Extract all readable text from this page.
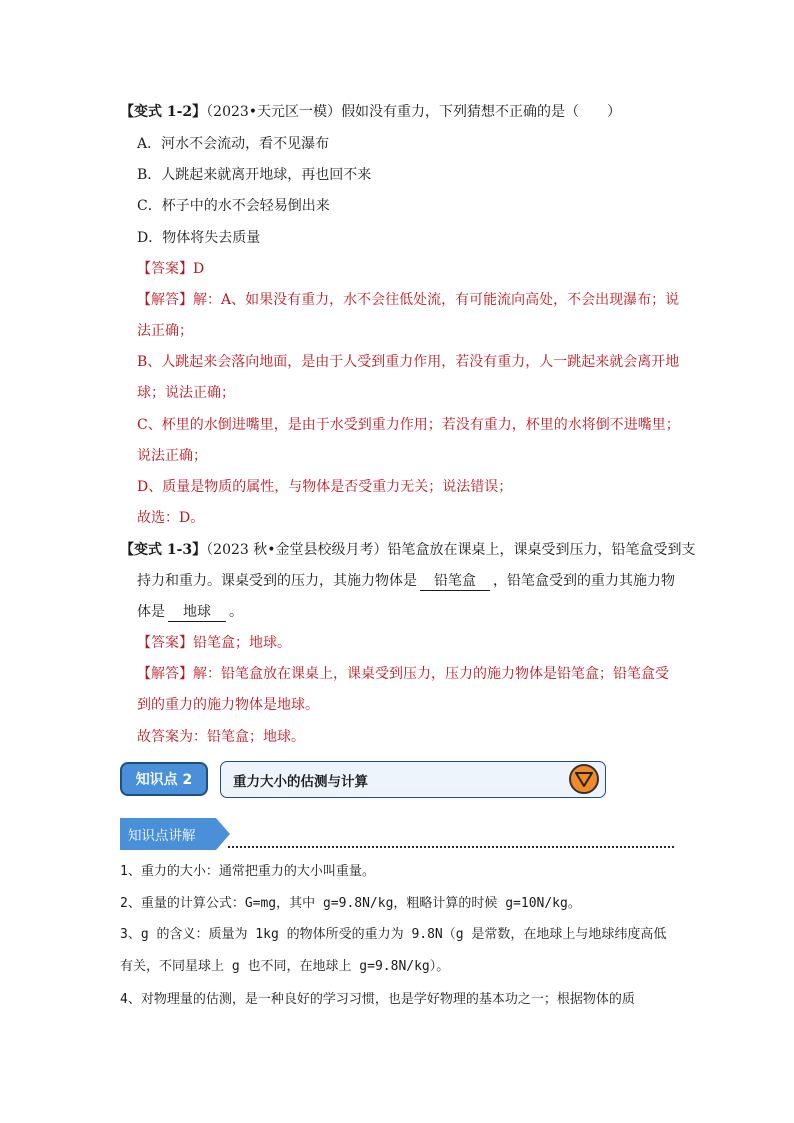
【变式 1-2】（2023•天元区一模）假如没有重力，下列猜想不正确的是（　　）
A．河水不会流动，看不见瀑布
B．人跳起来就离开地球，再也回不来
C．杯子中的水不会轻易倒出来
D．物体将失去质量
【答案】D
【解答】解：A、如果没有重力，水不会往低处流，有可能流向高处，不会出现瀑布；说
法正确；
B、人跳起来会落向地面，是由于人受到重力作用，若没有重力，人一跳起来就会离开地
球；说法正确；
C、杯里的水倒进嘴里，是由于水受到重力作用；若没有重力，杯里的水将倒不进嘴里；
说法正确；
D、质量是物质的属性，与物体是否受重力无关；说法错误；
故选：D。
【变式 1-3】（2023 秋•金堂县校级月考）铅笔盒放在课桌上，课桌受到压力，铅笔盒受到支
持力和重力。课桌受到的压力，其施力物体是 铅笔盒 ，铅笔盒受到的重力其施力物
体是 地球 。
【答案】铅笔盒；地球。
【解答】解：铅笔盒放在课桌上，课桌受到压力，压力的施力物体是铅笔盒；铅笔盒受
到的重力的施力物体是地球。
故答案为：铅笔盒；地球。
知识点 2	重力大小的估测与计算
知识点讲解
1、重力的大小：通常把重力的大小叫重量。
2、重量的计算公式：G=mg，其中 g=9.8N/kg，粗略计算的时候 g=10N/kg。
3、g 的含义：质量为 1kg 的物体所受的重力为 9.8N（g 是常数，在地球上与地球纬度高低
有关，不同星球上 g 也不同，在地球上 g=9.8N/kg）。
4、对物理量的估测，是一种良好的学习习惯，也是学好物理的基本功之一；根据物体的质
